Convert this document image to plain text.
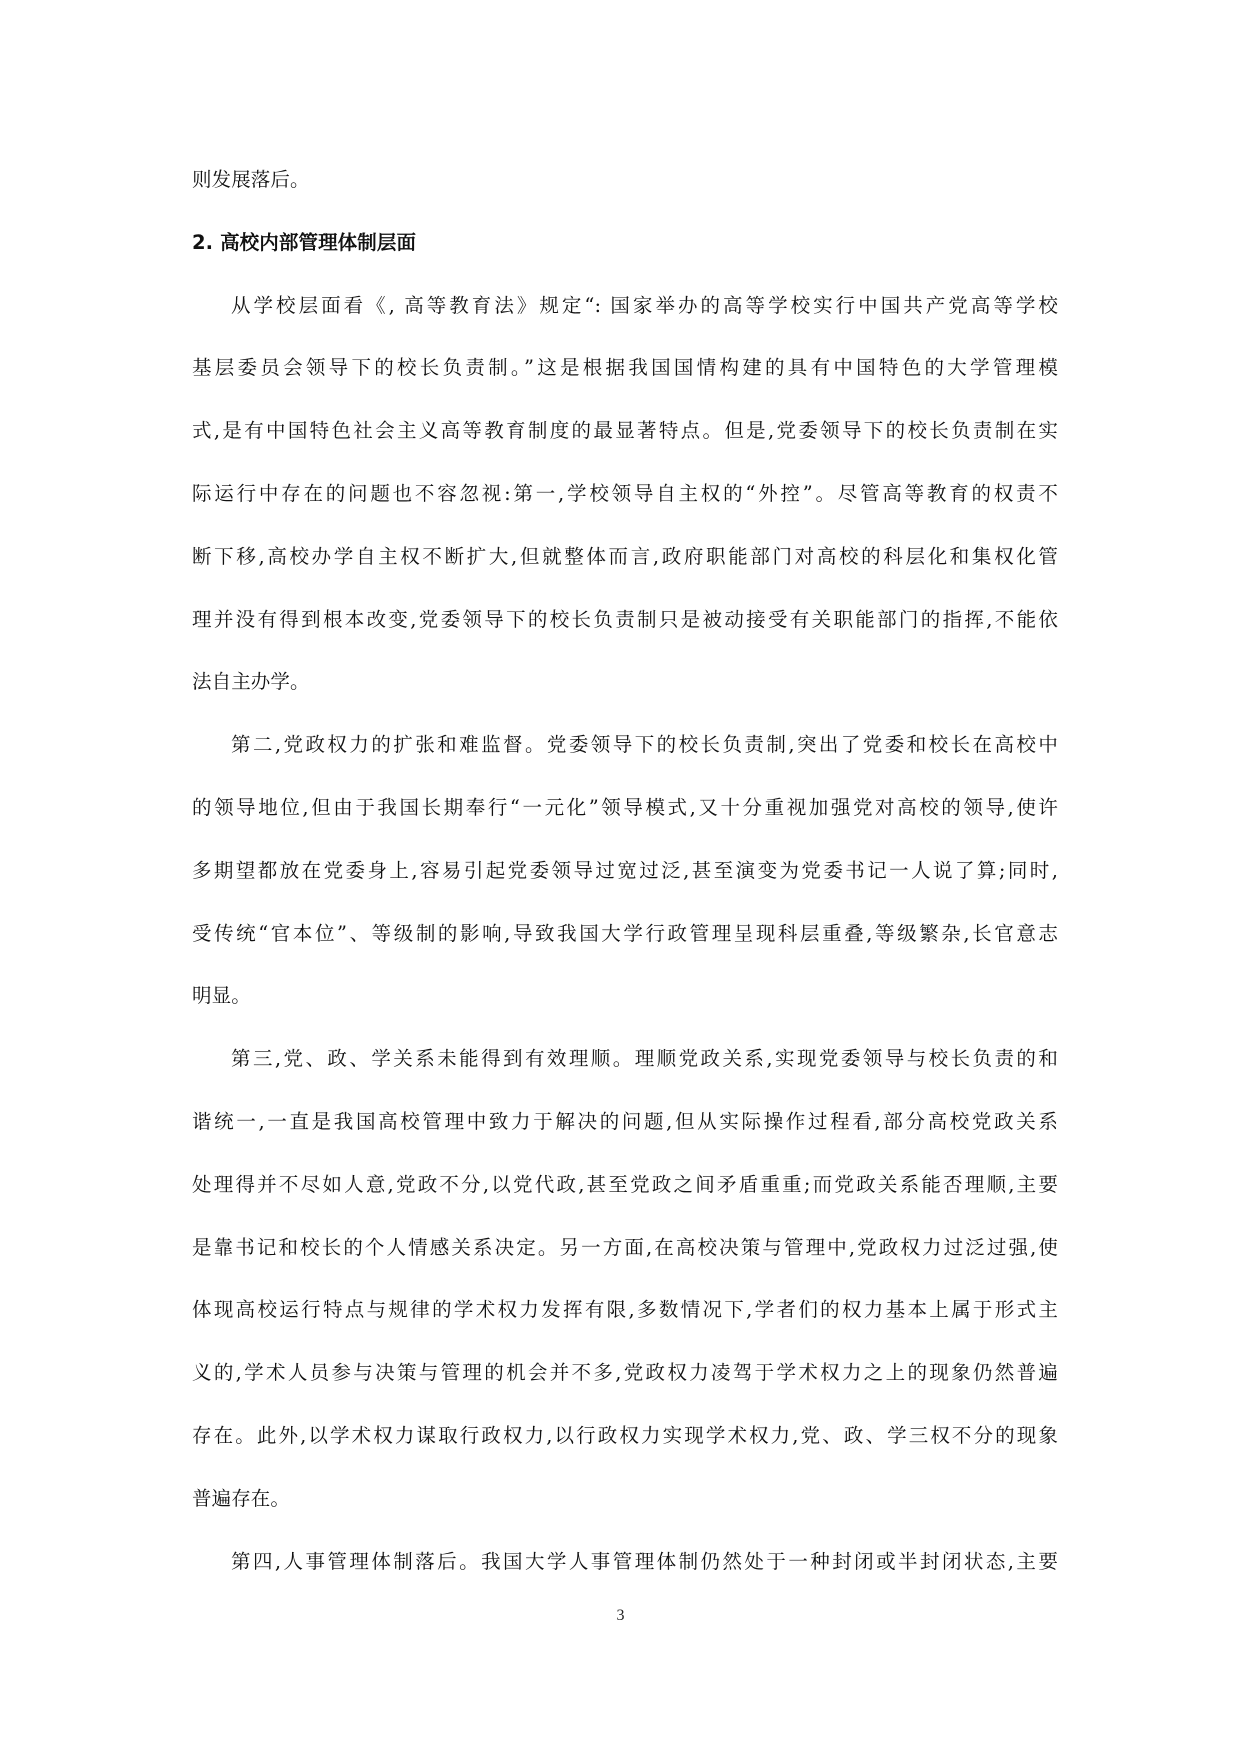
则发展落后。
2. 高校内部管理体制层面
从学校层面看《, 高等教育法》规定“: 国家举办的高等学校实行中国共产党高等学校
基层委员会领导下的校长负责制。”这是根据我国国情构建的具有中国特色的大学管理模
式,是有中国特色社会主义高等教育制度的最显著特点。但是,党委领导下的校长负责制在实
际运行中存在的问题也不容忽视:第一,学校领导自主权的“外控”。尽管高等教育的权责不
断下移,高校办学自主权不断扩大,但就整体而言,政府职能部门对高校的科层化和集权化管
理并没有得到根本改变,党委领导下的校长负责制只是被动接受有关职能部门的指挥,不能依
法自主办学。
第二,党政权力的扩张和难监督。党委领导下的校长负责制,突出了党委和校长在高校中
的领导地位,但由于我国长期奉行“一元化”领导模式,又十分重视加强党对高校的领导,使许
多期望都放在党委身上,容易引起党委领导过宽过泛,甚至演变为党委书记一人说了算;同时,
受传统“官本位”、等级制的影响,导致我国大学行政管理呈现科层重叠,等级繁杂,长官意志
明显。
第三,党、政、学关系未能得到有效理顺。理顺党政关系,实现党委领导与校长负责的和
谐统一,一直是我国高校管理中致力于解决的问题,但从实际操作过程看,部分高校党政关系
处理得并不尽如人意,党政不分,以党代政,甚至党政之间矛盾重重;而党政关系能否理顺,主要
是靠书记和校长的个人情感关系决定。另一方面,在高校决策与管理中,党政权力过泛过强,使
体现高校运行特点与规律的学术权力发挥有限,多数情况下,学者们的权力基本上属于形式主
义的,学术人员参与决策与管理的机会并不多,党政权力凌驾于学术权力之上的现象仍然普遍
存在。此外,以学术权力谋取行政权力,以行政权力实现学术权力,党、政、学三权不分的现象
普遍存在。
第四,人事管理体制落后。我国大学人事管理体制仍然处于一种封闭或半封闭状态,主要
3
